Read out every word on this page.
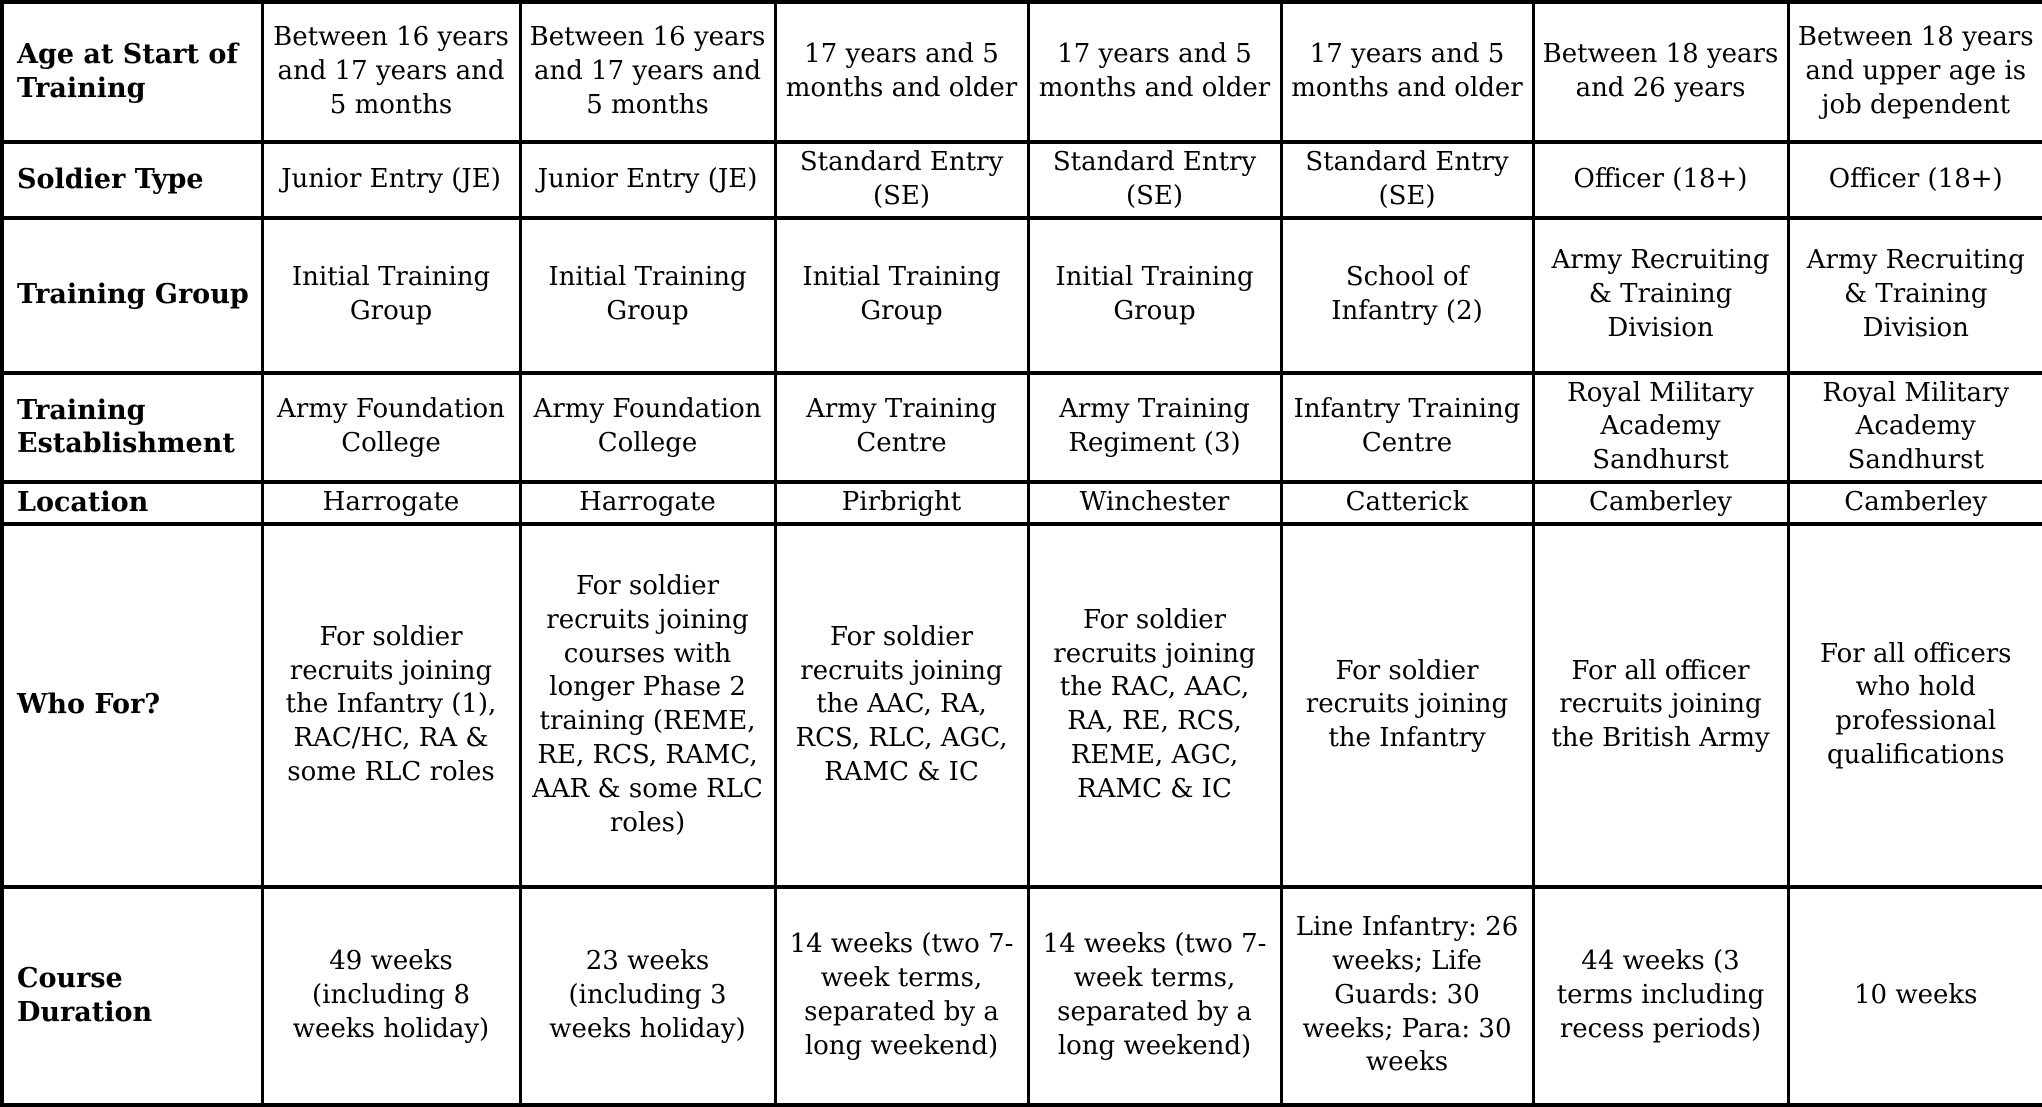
Age at Start of Training	Between 16 years and 17 years and 5 months	Between 16 years and 17 years and 5 months	17 years and 5 months and older	17 years and 5 months and older	17 years and 5 months and older	Between 18 years and 26 years	Between 18 years and upper age is job dependent
Soldier Type	Junior Entry (JE)	Junior Entry (JE)	Standard Entry (SE)	Standard Entry (SE)	Standard Entry (SE)	Officer (18+)	Officer (18+)
Training Group	Initial Training Group	Initial Training Group	Initial Training Group	Initial Training Group	School of Infantry (2)	Army Recruiting & Training Division	Army Recruiting & Training Division
Training Establishment	Army Foundation College	Army Foundation College	Army Training Centre	Army Training Regiment (3)	Infantry Training Centre	Royal Military Academy Sandhurst	Royal Military Academy Sandhurst
Location	Harrogate	Harrogate	Pirbright	Winchester	Catterick	Camberley	Camberley
Who For?	For soldier recruits joining the Infantry (1), RAC/HC, RA & some RLC roles	For soldier recruits joining courses with longer Phase 2 training (REME, RE, RCS, RAMC, AAR & some RLC roles)	For soldier recruits joining the AAC, RA, RCS, RLC, AGC, RAMC & IC	For soldier recruits joining the RAC, AAC, RA, RE, RCS, REME, AGC, RAMC & IC	For soldier recruits joining the Infantry	For all officer recruits joining the British Army	For all officers who hold professional qualifications
Course Duration	49 weeks (including 8 weeks holiday)	23 weeks (including 3 weeks holiday)	14 weeks (two 7-week terms, separated by a long weekend)	14 weeks (two 7-week terms, separated by a long weekend)	Line Infantry: 26 weeks; Life Guards: 30 weeks; Para: 30 weeks	44 weeks (3 terms including recess periods)	10 weeks
